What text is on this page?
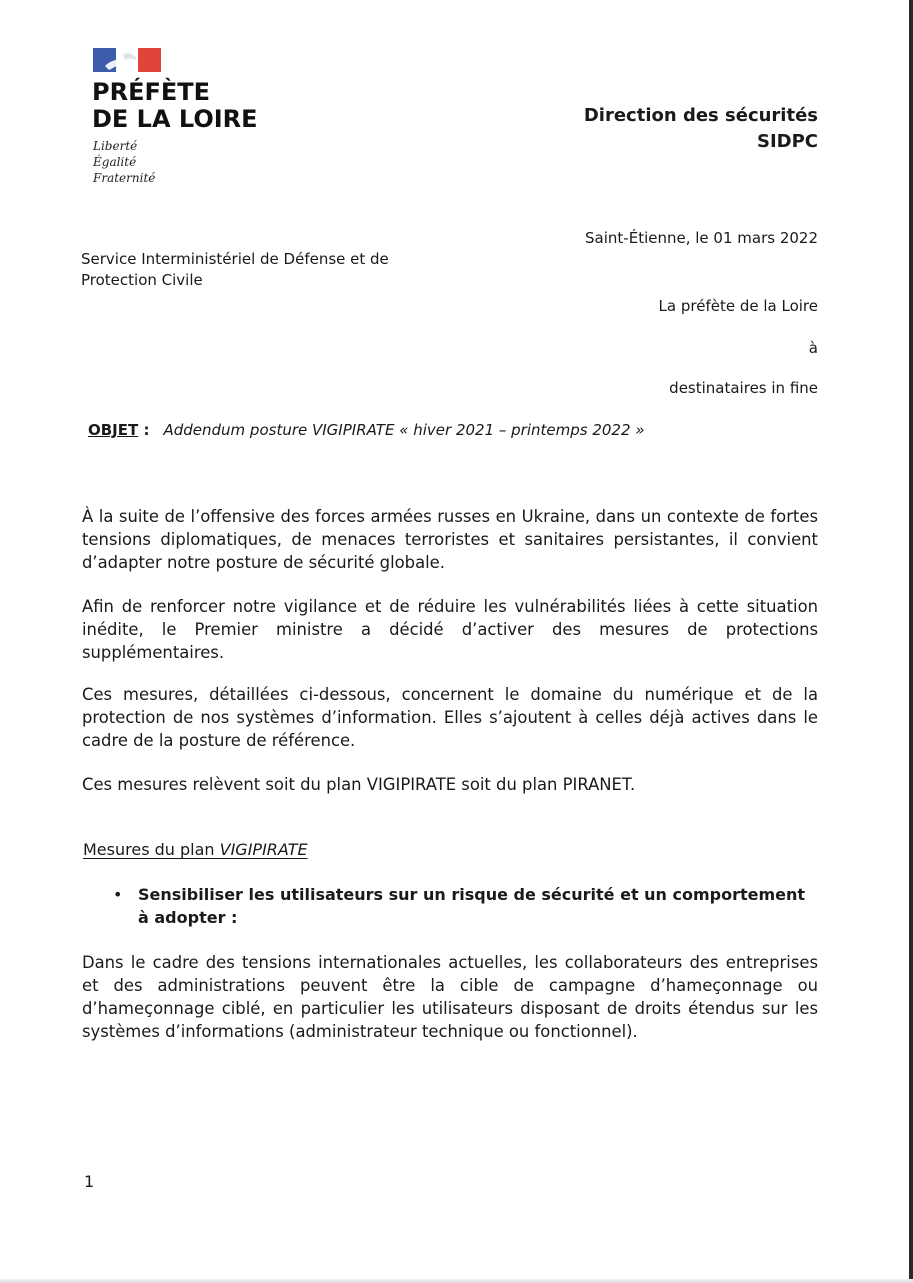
PRÉFÈTE
DE LA LOIRE
Liberté
Égalité
Fraternité
Direction des sécurités
SIDPC
Saint-Étienne, le 01 mars 2022
Service Interministériel de Défense et de
Protection Civile
La préfète de la Loire
à
destinataires in fine
OBJET : Addendum posture VIGIPIRATE « hiver 2021 – printemps 2022 »
À la suite de l’offensive des forces armées russes en Ukraine, dans un contexte de fortes tensions diplomatiques, de menaces terroristes et sanitaires persistantes, il convient d’adapter notre posture de sécurité globale.
Afin de renforcer notre vigilance et de réduire les vulnérabilités liées à cette situation inédite, le Premier ministre a décidé d’activer des mesures de protections supplémentaires.
Ces mesures, détaillées ci-dessous, concernent le domaine du numérique et de la protection de nos systèmes d’information. Elles s’ajoutent à celles déjà actives dans le cadre de la posture de référence.
Ces mesures relèvent soit du plan VIGIPIRATE soit du plan PIRANET.
Mesures du plan VIGIPIRATE
• Sensibiliser les utilisateurs sur un risque de sécurité et un comportement à adopter :
Dans le cadre des tensions internationales actuelles, les collaborateurs des entreprises et des administrations peuvent être la cible de campagne d’hameçonnage ou d’hameçonnage ciblé, en particulier les utilisateurs disposant de droits étendus sur les systèmes d’informations (administrateur technique ou fonctionnel).
1
